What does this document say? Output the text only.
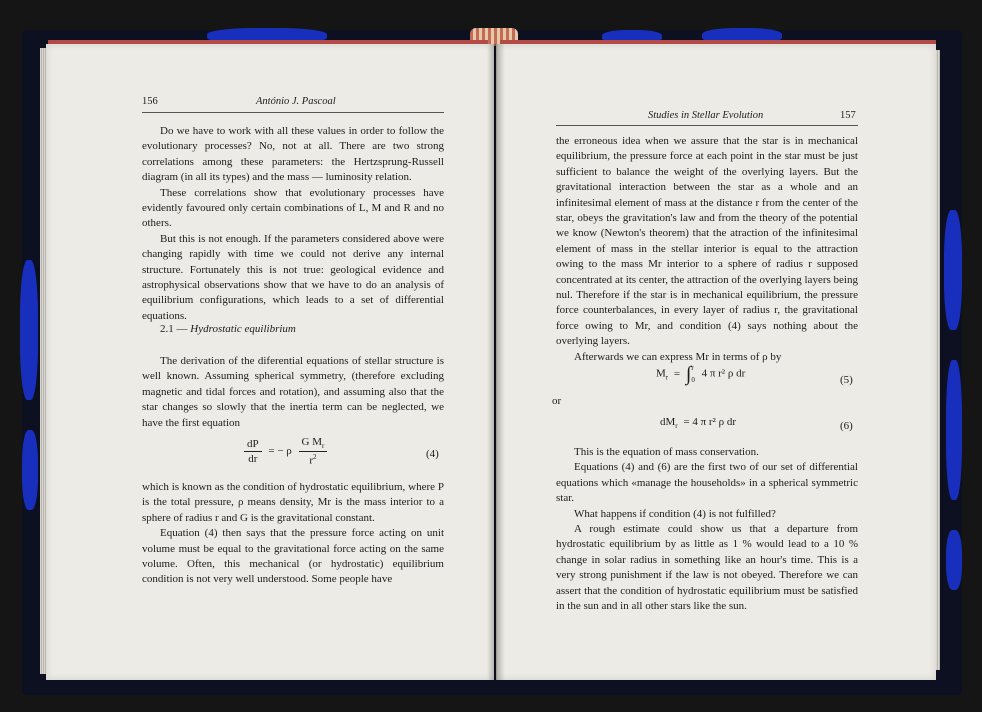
156	António J. Pascoal

Do we have to work with all these values in order to follow the evolutionary processes? No, not at all. There are two strong correlations among these parameters: the Hertzsprung-Russell diagram (in all its types) and the mass — luminosity relation.

These correlations show that evolutionary processes have evidently favoured only certain combinations of L, M and R and no others.

But this is not enough. If the parameters considered above were changing rapidly with time we could not derive any internal structure. Fortunately this is not true: geological evidence and astrophysical observations show that we have to do an analysis of equilibrium configurations, which leads to a set of differential equations.

2.1 — Hydrostatic equilibrium

The derivation of the diferential equations of stellar structure is well known. Assuming spherical symmetry, (therefore excluding magnetic and tidal forces and rotation), and assuming also that the star changes so slowly that the inertia term can be neglected, we have the first equation

$\frac{dP}{dr}$ = − ρ $\frac{G M_r}{r^2}$	(4)

which is known as the condition of hydrostatic equilibrium, where P is the total pressure, ρ means density, Mr is the mass interior to a sphere of radius r and G is the gravitational constant.

Equation (4) then says that the pressure force acting on unit volume must be equal to the gravitational force acting on the same volume. Often, this mechanical (or hydrostatic) equilibrium condition is not very well understood. Some people have

Studies in Stellar Evolution	157

the erroneous idea when we assure that the star is in mechanical equilibrium, the pressure force at each point in the star must be just sufficient to balance the weight of the overlying layers. But the gravitational interaction between the star as a whole and an infinitesimal element of mass at the distance r from the center of the star, obeys the gravitation's law and from the theory of the potential we know (Newton's theorem) that the atraction of the infinitesimal element of mass in the stellar interior is equal to the attraction owing to the mass Mr interior to a sphere of radius r supposed concentrated at its center, the attraction of the overlying layers being nul. Therefore if the star is in mechanical equilibrium, the pressure force counterbalances, in every layer of radius r, the gravitational force owing to Mr, and condition (4) says nothing about the overlying layers.

Afterwards we can express Mr in terms of ρ by

$M_r$ = ∫ r
0
4 π r² ρ dr
(5)
or
$dM_r = 4$ π r² ρ dr	(6)

This is the equation of mass conservation.

Equations (4) and (6) are the first two of our set of differential equations which «manage the households» in a spherical symmetric star.

What happens if condition (4) is not fulfilled?

A rough estimate could show us that a departure from hydrostatic equilibrium by as little as 1 % would lead to a 10 % change in solar radius in something like an hour's time. This is a very strong punishment if the law is not obeyed. Therefore we can assert that the condition of hydrostatic equilibrium must be satisfied in the sun and in all other stars like the sun.
